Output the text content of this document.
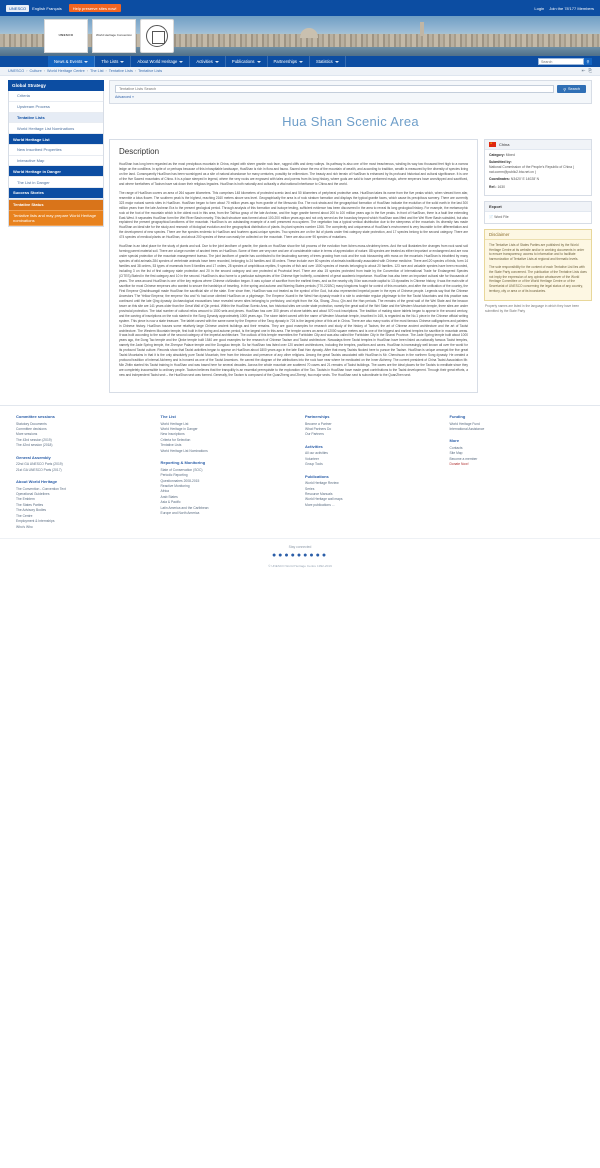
UNESCO	English Français	Help preserve sites now!	Login Join the 78'177 Members
UNESCO	World Heritage Convention
News & Events	The Lists	About World Heritage	Activities	Publications	Partnerships	Statistics
Search	⚲
UNESCO › Culture › World Heritage Centre › The List › Tentative Lists › Tentative Lists	⇤ ⎘
Global Strategy
Criteria
Upstream Process
Tentative Lists
World Heritage List Nominations
World Heritage List
New Inscribed Properties
Interactive Map
World Heritage in Danger
The List in Danger
Success Stories
Tentative Status
Tentative lists and may prepare World Heritage nominations
Tentative Lists Search
⚲ Search
Advanced »
Hua Shan Scenic Area
Description

HuaShan has long been regarded as the most precipitous mountain in China, edged with sheer granite rock face, rugged cliffs and deep valleys. Its pathway is also one of the most treacherous, winding its way two thousand feet high to a narrow ledge on the cordillera. In spite of or perhaps because of this inhospitable landscape, HuaShan is rich in flora and fauna. Sacred since the era of the mountain of wealth, and according to tradition, wealth is measured by the diversity of species living on the land. Consequently HuaShan has been worshipped as a site of natural abundance for many centuries, possibly for millennium. The beauty and rich terrain of HuaShan is enhanced by its profound historical and cultural significance. It is one of the five Sacred mountains of China. It is a place steeped in legend, where the very rocks are engraved with tales and poems from its long history, where gods are said to have performed magic, where emperors have worshipped and sacrificed, and where forefathers of Taoism have sat down their religious legacies. HuaShan is both naturally and culturally a vital national inheritance to China and the world.

The range of HuaShan covers an area of 264 square kilometers. This comprises 148 kilometers of protected scenic land and 50 kilometers of peripheral protective area. HuaShan takes its name from the five peaks which, when viewed form afar, resemble a lotus flower. The southern peak is the highest, reaching 2160 meters above sea level. Geographically the area is of rock stratum formation and displays the typical granite faces, which cause its precipitous scenery. There are currently 323 major natural scenic sites in HuaShan. HuaShan began to form about 70 million years ago from granite of the Mesozoic Era. The rock strata and the geographical formation of HuaShan indicate the evolution of the solid earth in the last 300 million years from the late Archean Era to the present geological period. Through analysis of this formation and isotope testing, sufficient evidence has been discovered in the area to reveal its long geological history. For example, the metamorphic rock at the foot of the mountain which is the oldest rock in this area, from the TaiHua group of the late Archean, and the huge granite formed about 200 to 100 million years ago in the five peaks. In front of HuaShan, there is a fault line extending East-West. It separates HuaShan form the Wei River Basin nearby. This fault structure was formed about 100-200 million years ago and not only served as the boundary beyond which HuaShan was lifted and the Wei River Basin subsided, but also explained the present geographical landforms of the mountain. HuaShan is an outstanding example of a well preserved eco-system. The vegetation has a typical vertical distribution due to the steepness of the mountain. Its diversity has made HuaShan an ideal site for the study and research of biological evolution and the geographical distribution of plants. Its plant species number 1266. The complexity and uniqueness of HuaShan's environment is very favorable to the differentiation and the development of new species. There are five species endemic to HuaShan and fourteen quasi-unique species. Two species are on the list of plants under first category state protection, and 17 species belong to the second category. There are 474 species of medical plants on HuaShan, and about 200 species of these can easily be collected on the mountain. There are also over 90 species of mutations.

HuaShan is an ideal place for the study of plants and soil. Due to the joint landform of granite, the plants on HuaShan show the full process of the evolution from lichen-moss-shrubbery-trees. And the soil illustrates the changes from rock sand soil forming parent material soil. There are a large number of ancient trees on HuaShan. Some of them are very rare and are of considerable value in terms of appreciation of nature. 88 species are treated as either important or endangered and are now under special protection of the mountain management bureau. The joint landform of granite has contributed to the fascinating scenery of trees growing from rock and the rock blossoming with moss on the mountain. HuaShan is inhabited by many species of wild animals.284 species of vertebrate animals have been recorded, belonging to 24 families and 45 orders. These include over 80 species of animals traditionally associated with Chinese medicine. There are120 species of birds, form 14 families and 38 orders, 53 types of mammals from 5 families and 17 orders, 28 species of amphibious reptiles, 9 species of fish and over 1500 species of insects belonging to about 20 families. 123 rare and valuable species have been recorded, including 3 on the list of first category state protection and 20 in the second category and one protected at Provincial level. There are also 15 species protected from trade by the Convention of International Trade for Endangered Species (CITES).Stated in the first category and 10 in the second. HuaShan is also home to a particular subspecies of the Chinese tiger butterfly, considered of great academic importance. HuaShan has also been an important cultural site for thousands of years. The area around HuaShan is one of the key regions where Chinese civilization began. It was a place of sacrifice from the earliest times, and as the nearby city Xi'an was made capital to 13 dynasties in Chinese history, it was the main site of sacrifice for most Chinese emperors who wanted to secure the hardships of traveling. In the spring and autumn and Warring States periods (770-221BC) many kingdoms fought for control of this mountain, and after the unification of the country, the First Emperor Qinshihuangdi made HuaShan the sacrificial site of the state. Ever since then, HuaShan was not treated as the symbol of the God, but also represented imperial power in the eyes of Chinese people. Legends say that the Chinese Ancestors 'The Yellow Emperor, the emperor Yao and Yu had once climbed HuaShan on a pilgrimage. The Emperor Xuanti in the West Han dynasty made it a rule to undertake regular pilgrimage to the five Taoist Mountains and this practice was continued until the late Qing dynasty. Archaeological excavations have revealed seven sites belonging to prehistory, and eight from the Xia, Shang, Zhou, Qin and the Han periods. The remains of the great wall of the Wei State and the beacon tower on this site are 141 years older than the Great Wall of Qin period. Within the HuaShan Scenic Area, two historical sites are under state protection, namely the great wall of the Wei State and the Western Mountain temple, three sites are under provincial protection. The total number of cultural relics amount to 1500 sets and pieces. HuaShan has over 300 pieces of stone tablets and about 570 rock inscriptions. The tradition of making stone tablets began to appear in the second century, and the carving of inscriptions on the rock started in the Song Dynasty approximately 1000 years ago. The stone tablet carved with the name of Western Mountain temple, inscribed in 165, is regarded as the No.1 piece in the Chinese official writing system. This piece is now a state treasure. The tablet carved with the same name by the Emperor of the Tang dynasty in 724 is the largest piece of this art in China. There are also many works of the most famous Chinese calligraphers and painters in Chinese history. HuaShan houses some relatively large Chinese ancient buildings and their remains. They are good examples for research and study of the history of Taoism, the art of Chinese ancient architecture and the art of Taoist architecture. The Western Mountain temple, first built in the spring and autumn period, is the largest one in this area. The temple covers an area of 12000 square meters and is one of the biggest and earliest temples for sacrifice in mountain areas. It was built according to the scale of the second category of the imperial architecture. The outlook of this temple resembles the Forbidden City and was also called the Forbidden City in the Shanxi Province. The Jade Spring temple built about 1000 years ago, the Dong Tao temple and the Qinke temple built 1540 are good examples for the research of Chinese Taoism and Taoist architecture. Nowadays three Taoist temples in HuaShan have been listed as nationally famous Taoist temples, namely the Jade Spring temple, the Zhenyue Palace temple and the Dongdao temple. So far HuaShan has listed over 120 ancient architectures, including the temples, pavilions and caves. HuaShan is increasingly well known all over the world for its profound Taoist culture. Records show that Taoist activities began to appear on HuaShan about 1800 years ago in the late East Han dynasty. After that many Taoists flocked here to pursue the Taoism. HuaShan is unique amongst the five great Taoist Mountains in that it is the only absolutely pure Taoist Mountain, free from the intrusion and presence of any other religions. Among the great Taoists associated with HuaShan is Mr. Chenchuan in the northern Song dynasty. He created a profound tradition of internal Alchemy and is honored as one of the Taoist Ancestors. He carved the diagram of the attributions into the rock face near where he medicated on the Inner Alchemy. The current president of China Taoist Association Mr. Min Zhitin started his Taoist training in HuaShan and was based here for several decades. Across the whole mountain are scattered 70 caves and 21 remains of Taoist buildings. The caves are the ideal places for the Taoists to meditate since they are completely inaccessible to ordinary people. Taoism believes that the tranquility is an essential prerequisite to the exploration of the Tao. Taoists in HuaShan have made great contributions to the Taoist development. Through their great efforts, a new and independent Taoist sect – the HuaShan sect was formed. Generally, the Taoism is composed of the QuanZheng and Zhenyi, two major sects. The HuaShan sect is subordinate to the QuanZhen sect.

★ China
Category: Mixed
Submitted by:
National Commission of the People's Republic of China ( nat.comm@public2.bta.net.cn )
Coordinates: N3420' E 14028' N
Ref.: 1630
Export
📄 Word File
Disclaimer

The Tentative Lists of States Parties are published by the World Heritage Centre at its website and/or in working documents in order to ensure transparency, access to information and to facilitate harmonization of Tentative Lists at regional and thematic levels.

The sole responsibility for the content of each Tentative List lies with the State Party concerned. The publication of the Tentative Lists does not imply the expression of any opinion whatsoever of the World Heritage Committee or of the World Heritage Centre or of the Secretariat of UNESCO concerning the legal status of any country, territory, city or area or of its boundaries.

Property names are listed in the language in which they have been submitted by the State Party
Committee sessions
Statutory Documents
Committee decisions
More sessions
The 43rd session (2019)
The 42nd session (2018)
General Assembly
22nd GA UNESCO Paris (2019)
21st GA UNESCO Paris (2017)
About World Heritage
The Convention - Convention Text
Operational Guidelines
The Emblem
The States Parties
The Advisory Bodies
The Centre
Employment & Internships
Who's Who
The List
World Heritage List
World Heritage in Danger
New Inscriptions
Criteria for Selection
Tentative Lists
World Heritage List Nominations
Reporting & Monitoring
State of Conservation (SOC)
Periodic Reporting
Questionnaires 2008-2015
Reactive Monitoring
Africa
Arab States
Asia & Pacific
Latin America and the Caribbean
Europe and North America
Partnerships
Become a Partner
What Partners Do
Our Partners
Activities
All our activities
Volunteer
Group Tools
Publications
World Heritage Review
Series
Resource Manuals
World Heritage wall maps
More publications ...
Funding
World Heritage Fund
International Assistance
More
Contacts
Site Map
Become a member
Donate Now!
Stay connected
●●●●●●●●●
© UNESCO World Heritage Centre 1992-2019
